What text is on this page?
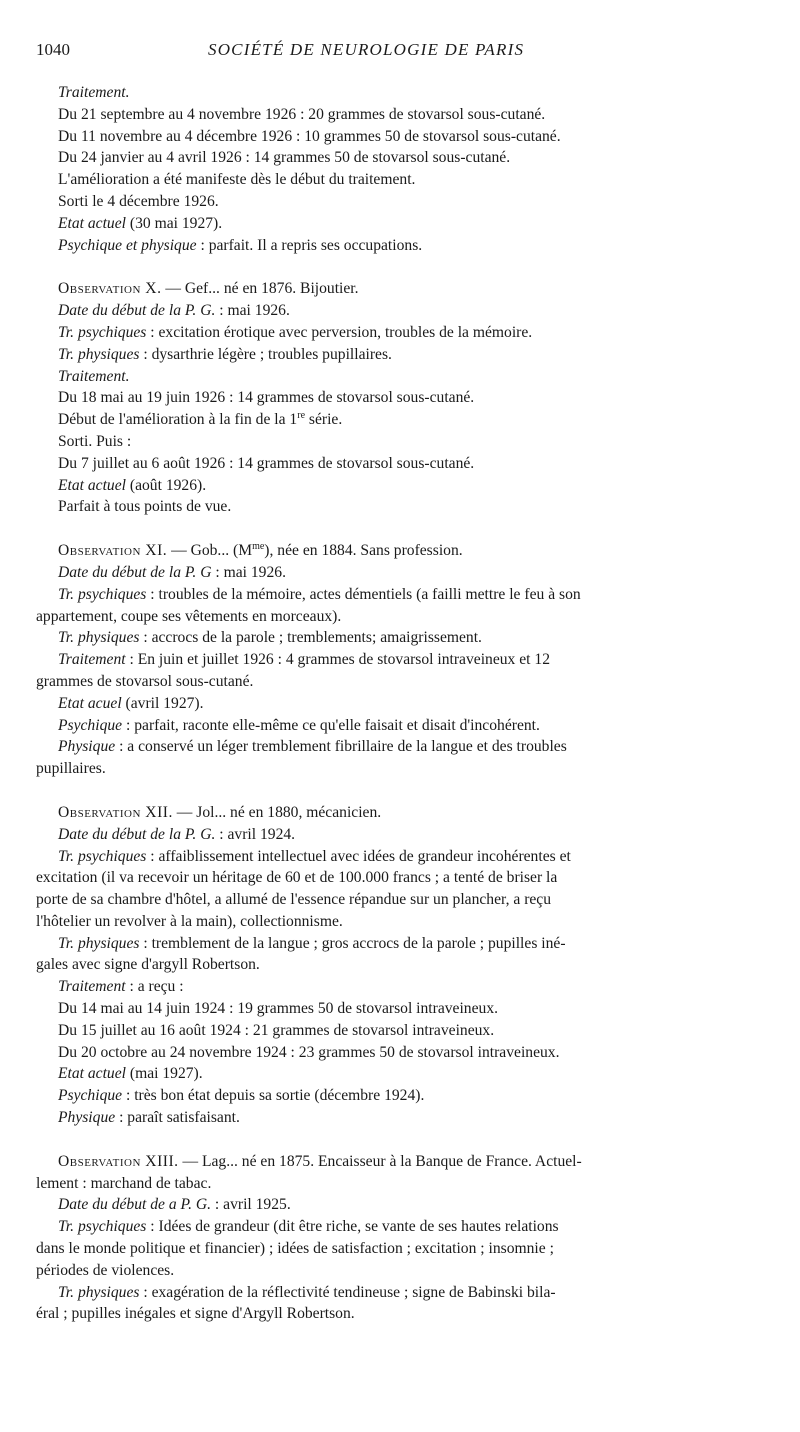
1040	SOCIÉTÉ DE NEUROLOGIE DE PARIS
Traitement.
Du 21 septembre au 4 novembre 1926 : 20 grammes de stovarsol sous-cutané.
Du 11 novembre au 4 décembre 1926 : 10 grammes 50 de stovarsol sous-cutané.
Du 24 janvier au 4 avril 1926 : 14 grammes 50 de stovarsol sous-cutané.
L'amélioration a été manifeste dès le début du traitement.
Sorti le 4 décembre 1926.
Etat actuel (30 mai 1927).
Psychique et physique : parfait. Il a repris ses occupations.
Observation X. — Gef... né en 1876. Bijoutier.
Date du début de la P. G. : mai 1926.
Tr. psychiques : excitation érotique avec perversion, troubles de la mémoire.
Tr. physiques : dysarthrie légère ; troubles pupillaires.
Traitement.
Du 18 mai au 19 juin 1926 : 14 grammes de stovarsol sous-cutané.
Début de l'amélioration à la fin de la 1re série.
Sorti. Puis :
Du 7 juillet au 6 août 1926 : 14 grammes de stovarsol sous-cutané.
Etat actuel (août 1926).
Parfait à tous points de vue.
Observation XI. — Gob... $(M^{me})$, née en 1884. Sans profession.
Date du début de la P. G : mai 1926.
Tr. psychiques : troubles de la mémoire, actes démentiels (a failli mettre le feu à son
appartement, coupe ses vêtements en morceaux).
Tr. physiques : accrocs de la parole ; tremblements; amaigrissement.
Traitement : En juin et juillet 1926 : 4 grammes de stovarsol intraveineux et 12
grammes de stovarsol sous-cutané.
Etat acuel (avril 1927).
Psychique : parfait, raconte elle-même ce qu'elle faisait et disait d'incohérent.
Physique : a conservé un léger tremblement fibrillaire de la langue et des troubles
pupillaires.
Observation XII. — Jol... né en 1880, mécanicien.
Date du début de la P. G. : avril 1924.
Tr. psychiques : affaiblissement intellectuel avec idées de grandeur incohérentes et
excitation (il va recevoir un héritage de 60 et de 100.000 francs ; a tenté de briser la
porte de sa chambre d'hôtel, a allumé de l'essence répandue sur un plancher, a reçu
l'hôtelier un revolver à la main), collectionnisme.
Tr. physiques : tremblement de la langue ; gros accrocs de la parole ; pupilles iné-
gales avec signe d'argyll Robertson.
Traitement : a reçu :
Du 14 mai au 14 juin 1924 : 19 grammes 50 de stovarsol intraveineux.
Du 15 juillet au 16 août 1924 : 21 grammes de stovarsol intraveineux.
Du 20 octobre au 24 novembre 1924 : 23 grammes 50 de stovarsol intraveineux.
Etat actuel (mai 1927).
Psychique : très bon état depuis sa sortie (décembre 1924).
Physique : paraît satisfaisant.
Observation XIII. — Lag... né en 1875. Encaisseur à la Banque de France. Actuel-
lement : marchand de tabac.
Date du début de a P. G. : avril 1925.
Tr. psychiques : Idées de grandeur (dit être riche, se vante de ses hautes relations
dans le monde politique et financier) ; idées de satisfaction ; excitation ; insomnie ;
périodes de violences.
Tr. physiques : exagération de la réflectivité tendineuse ; signe de Babinski bila-
éral ; pupilles inégales et signe d'Argyll Robertson.
